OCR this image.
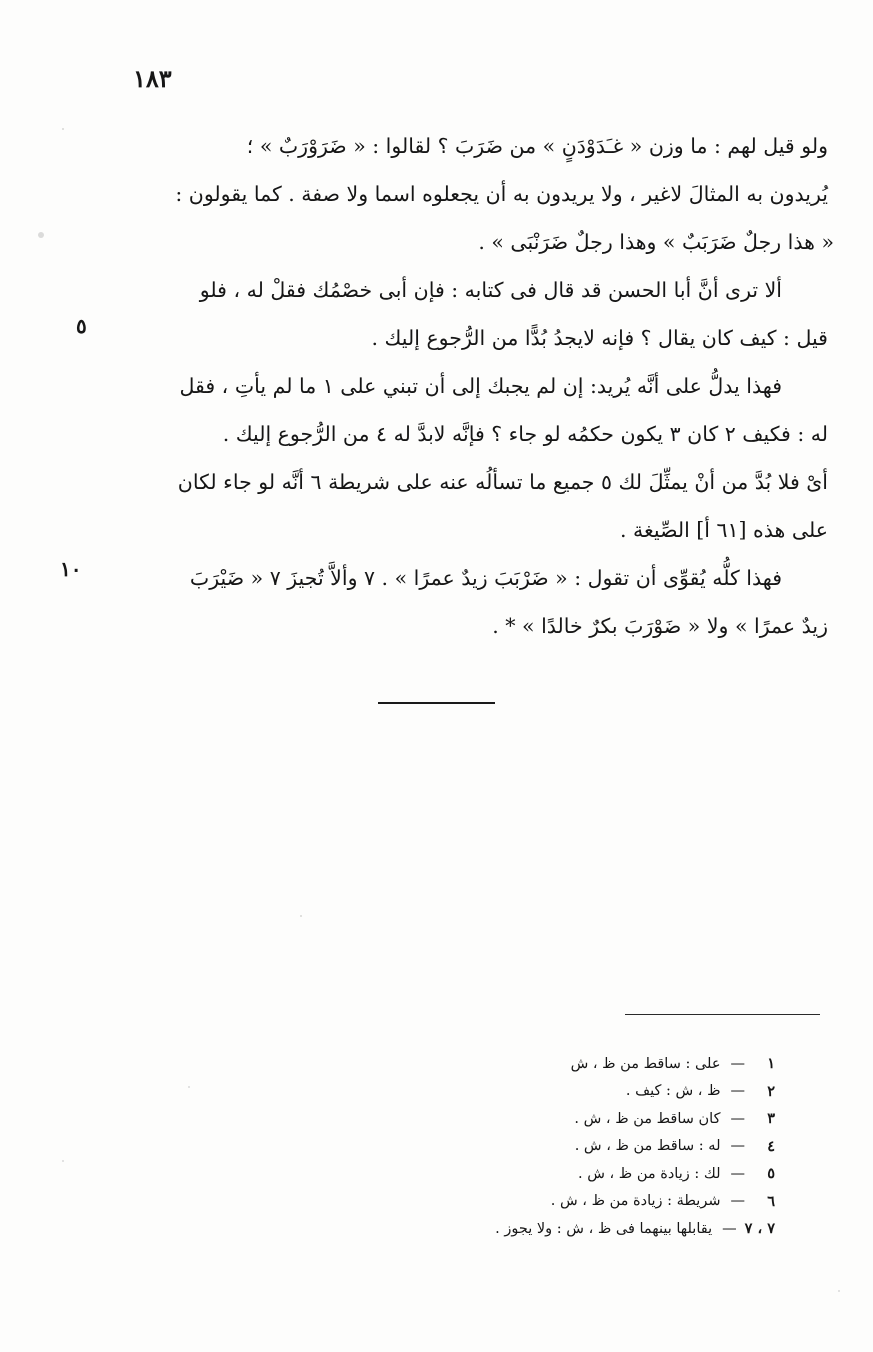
١٨٣
ولو قيل لهم : ما وزن « غـَدَوْدَنٍ » من ضَرَبَ ؟ لقالوا : « ضَرَوْرَبٌ » ؛
يُريدون به المثالَ لاغير ، ولا يريدون به أن يجعلوه اسما ولا صفة . كما يقولون :
« هذا رجلٌ ضَرَبَبٌ » وهذا رجلٌ ضَرَنْبَى » .
ألا ترى أنَّ أبا الحسن قد قال فى كتابه : فإن أبى خصْمُك فقلْ له ، فلو
قيل : كيف كان يقال ؟ فإنه لايجدُ بُدًّا من الرُّجوع إليك .
فهذا يدلُّ على أنَّه يُريد: إن لم يجبك إلى أن تبني على ١ ما لم يأتِ ، فقل
له : فكيف ٢ كان ٣ يكون حكمُه لو جاء ؟ فإنَّه لابدَّ له ٤ من الرُّجوع إليك .
أىْ فلا بُدَّ من أنْ يمثِّلَ لك ٥ جميع ما تسألُه عنه على شريطة ٦ أنَّه لو جاء لكان
على هذه [٦١ أ] الصِّيغة .
فهذا كلُّه يُقوِّى أن تقول : « ضَرْبَبَ زيدٌ عمرًا » . ٧ وألاَّ تُجيزَ ٧ « ضَيْرَبَ
زيدٌ عمرًا » ولا « ضَوْرَبَ بكرٌ خالدًا » * .
٥
١٠
١
—
على : ساقط من ظ ، ش
٢
—
ظ ، ش : كيف .
٣
—
كان ساقط من ظ ، ش .
٤
—
له : ساقط من ظ ، ش .
٥
—
لك : زيادة من ظ ، ش .
٦
—
شريطة : زيادة من ظ ، ش .
٧ ، ٧
—
يقابلها بينهما فى ظ ، ش : ولا يجوز .
